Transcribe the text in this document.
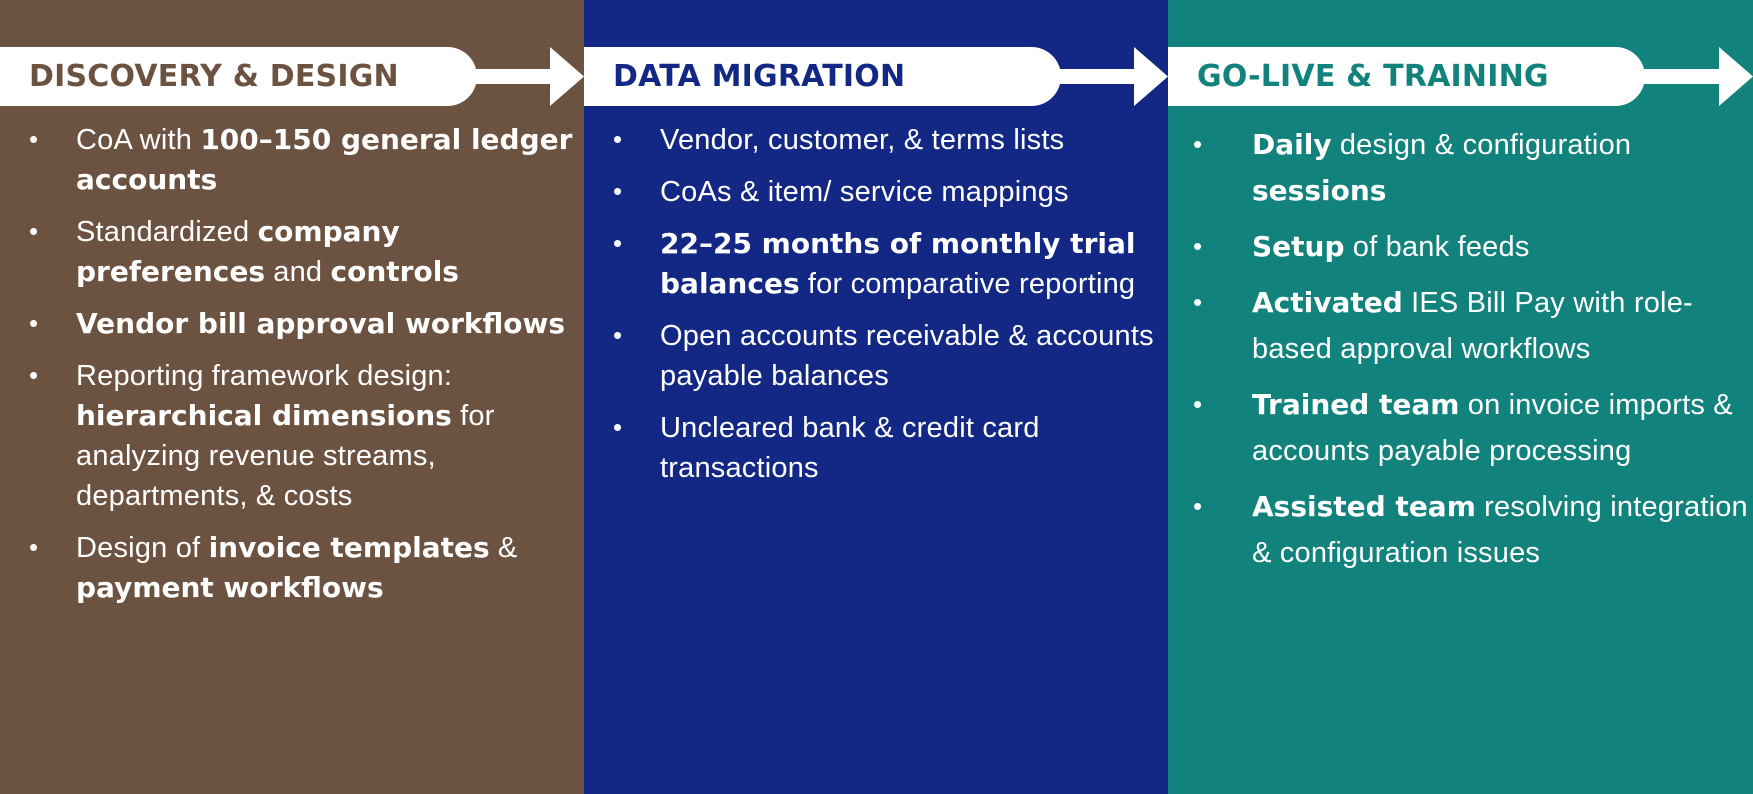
DISCOVERY & DESIGN
• CoA with 100–150 general ledger accounts
• Standardized company preferences and controls
• Vendor bill approval workflows
• Reporting framework design: hierarchical dimensions for analyzing revenue streams, departments, & costs
• Design of invoice templates & payment workflows
DATA MIGRATION
• Vendor, customer, & terms lists
• CoAs & item/ service mappings
• 22–25 months of monthly trial balances for comparative reporting
• Open accounts receivable & accounts payable balances
• Uncleared bank & credit card transactions
GO-LIVE & TRAINING
• Daily design & configuration sessions
• Setup of bank feeds
• Activated IES Bill Pay with role-based approval workflows
• Trained team on invoice imports & accounts payable processing
• Assisted team resolving integration & configuration issues
